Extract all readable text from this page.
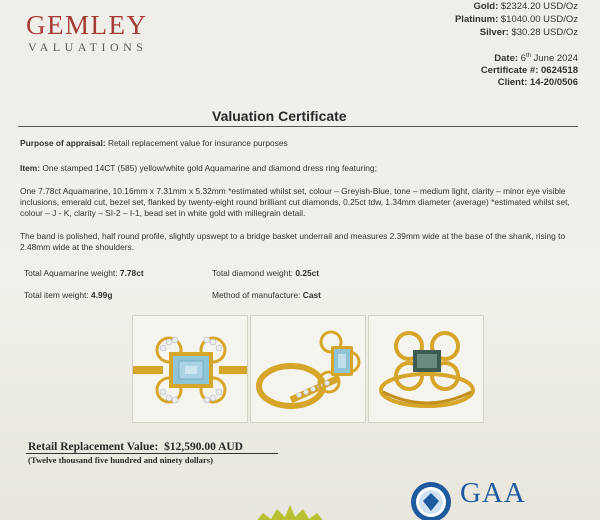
GEMLEY
VALUATIONS
Gold: $2324.20 USD/Oz
Platinum: $1040.00 USD/Oz
Silver: $30.28 USD/Oz
Date: 6th June 2024
Certificate #: 0624518
Client: 14-20/0506
Valuation Certificate
Purpose of appraisal: Retail replacement value for insurance purposes
Item: One stamped 14CT (585) yellow/white gold Aquamarine and diamond dress ring featuring;
One 7.78ct Aquamarine, 10.16mm x 7.31mm x 5.32mm *estimated whilst set, colour – Greyish-Blue, tone – medium light, clarity – minor eye visible inclusions, emerald cut, bezel set, flanked by twenty-eight round brilliant cut diamonds, 0.25ct tdw, 1.34mm diameter (average) *estimated whilst set, colour – J - K, clarity – SI-2 – I-1, bead set in white gold with millegrain detail.
The band is polished, half round profile, slightly upswept to a bridge basket underrail and measures 2.39mm wide at the base of the shank, rising to 2.48mm wide at the shoulders.
Total Aquamarine weight: 7.78ct	Total diamond weight: 0.25ct
Total item weight: 4.99g	Method of manufacture: Cast
Retail Replacement Value: $12,590.00 AUD
(Twelve thousand five hundred and ninety dollars)
GAA
